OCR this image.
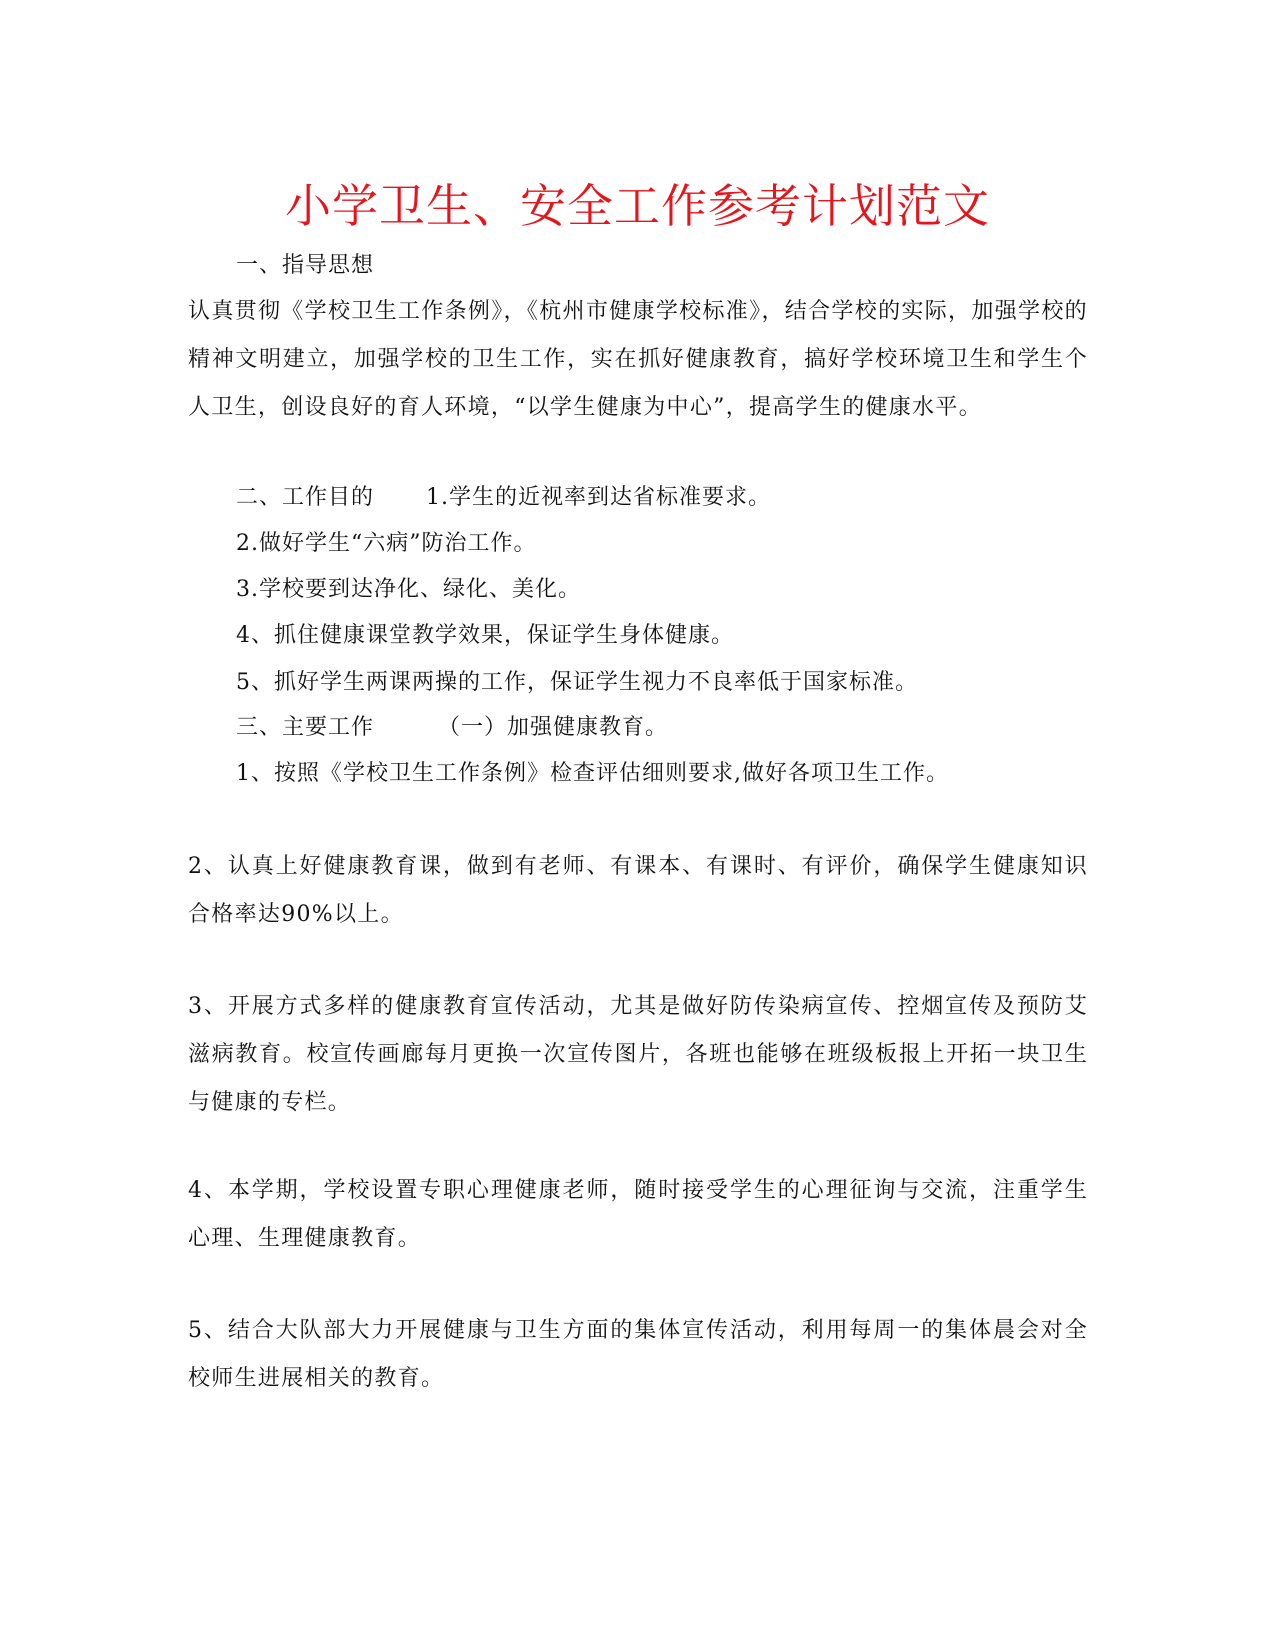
小学卫生、安全工作参考计划范文
一、指导思想
认真贯彻《学校卫生工作条例》，《杭州市健康学校标准》，结合学校的实际，加强学校的精神文明建立，加强学校的卫生工作，实在抓好健康教育，搞好学校环境卫生和学生个人卫生，创设良好的育人环境，“以学生健康为中心”，提高学生的健康水平。
二、工作目的 1.学生的近视率到达省标准要求。
2.做好学生“六病”防治工作。
3.学校要到达净化、绿化、美化。
4、抓住健康课堂教学效果，保证学生身体健康。
5、抓好学生两课两操的工作，保证学生视力不良率低于国家标准。
三、主要工作	（一）加强健康教育。
1、按照《学校卫生工作条例》检查评估细则要求,做好各项卫生工作。
2、认真上好健康教育课，做到有老师、有课本、有课时、有评价，确保学生健康知识合格率达90%以上。
3、开展方式多样的健康教育宣传活动，尤其是做好防传染病宣传、控烟宣传及预防艾滋病教育。校宣传画廊每月更换一次宣传图片，各班也能够在班级板报上开拓一块卫生与健康的专栏。
4、本学期，学校设置专职心理健康老师，随时接受学生的心理征询与交流，注重学生心理、生理健康教育。
5、结合大队部大力开展健康与卫生方面的集体宣传活动，利用每周一的集体晨会对全校师生进展相关的教育。
